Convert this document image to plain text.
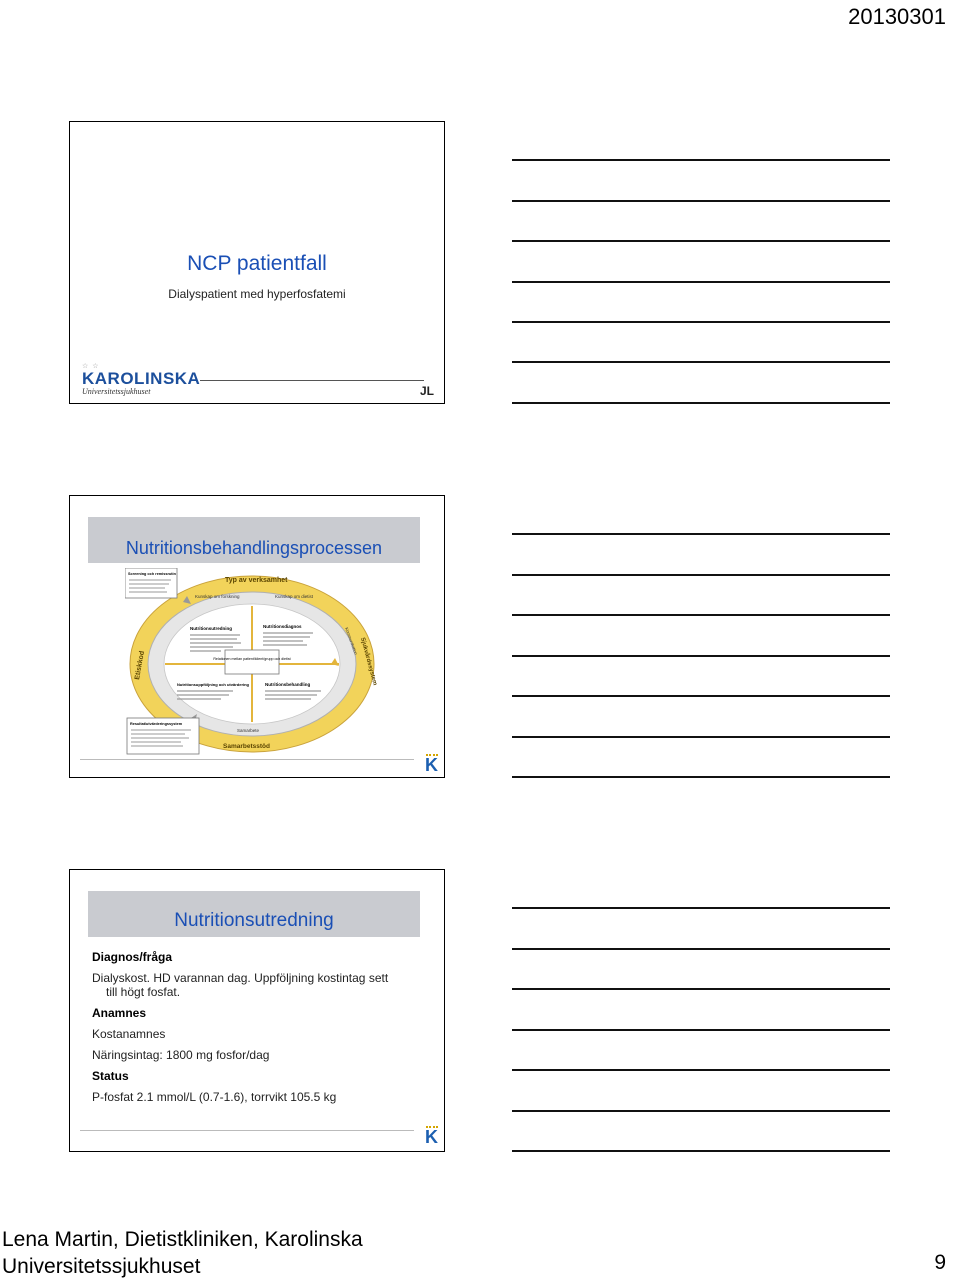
20130301
NCP patientfall
Dialyspatient med hyperfosfatemi
☆ ☆
KAROLINSKA
Universitetssjukhuset	JL
Nutritionsbehandlingsprocessen
Relationen mellan patient/klient/grupp och dietist
Nutritionsutredning	Nutritionsdiagnos
Nutritionsuppföljning och utvärdering	Nutritionsbehandling
Typ av verksamhet
Kunskap om forskning	Kunskap om dietist
Etiskkod	Sjukvårdssystem
Kommunikation
Samarbete
Samarbetsstöd
Screening och remissrutin
Resultat/utvärderingssystem
K
Nutritionsutredning
Diagnos/fråga
Dialyskost. HD varannan dag. Uppföljning kostintag sett
till högt fosfat.
Anamnes
Kostanamnes
Näringsintag: 1800 mg fosfor/dag
Status
P-fosfat 2.1 mmol/L (0.7-1.6), torrvikt 105.5 kg
K
Lena Martin, Dietistkliniken, Karolinska
Universitetssjukhuset	9
